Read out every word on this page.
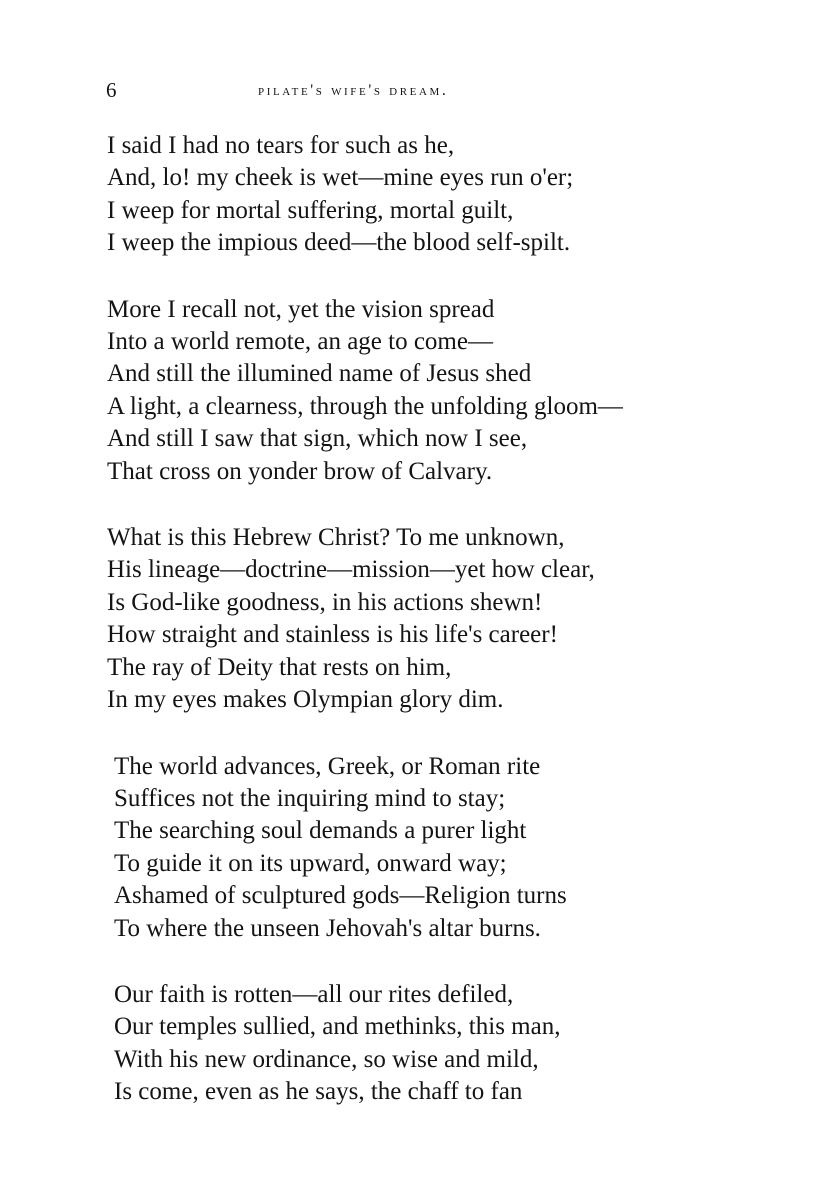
6	pilate's wife's dream.
I said I had no tears for such as he,
And, lo! my cheek is wet—mine eyes run o'er;
I weep for mortal suffering, mortal guilt,
I weep the impious deed—the blood self-spilt.
More I recall not, yet the vision spread
Into a world remote, an age to come—
And still the illumined name of Jesus shed
A light, a clearness, through the unfolding gloom—
And still I saw that sign, which now I see,
That cross on yonder brow of Calvary.
What is this Hebrew Christ? To me unknown,
His lineage—doctrine—mission—yet how clear,
Is God-like goodness, in his actions shewn!
How straight and stainless is his life's career!
The ray of Deity that rests on him,
In my eyes makes Olympian glory dim.
The world advances, Greek, or Roman rite
Suffices not the inquiring mind to stay;
The searching soul demands a purer light
To guide it on its upward, onward way;
Ashamed of sculptured gods—Religion turns
To where the unseen Jehovah's altar burns.
Our faith is rotten—all our rites defiled,
Our temples sullied, and methinks, this man,
With his new ordinance, so wise and mild,
Is come, even as he says, the chaff to fan
